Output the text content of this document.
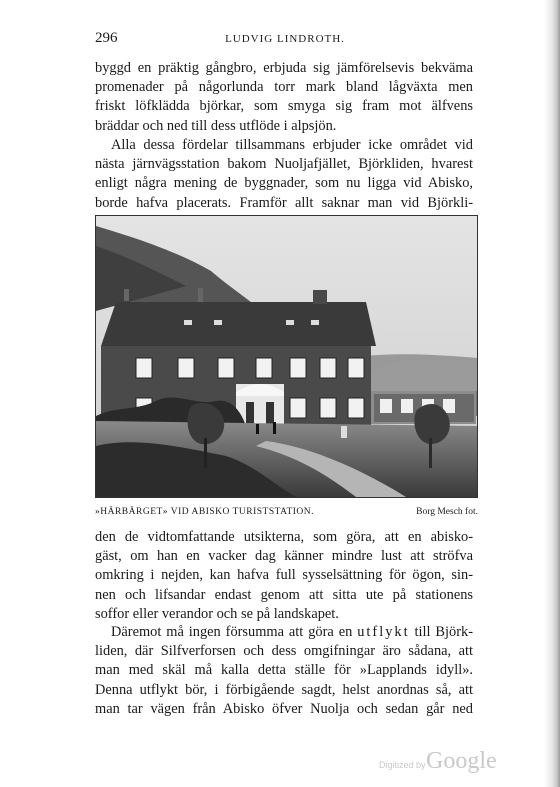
296	LUDVIG LINDROTH.

byggd en präktig gångbro, erbjuda sig jämförelsevis bekväma
promenader på någorlunda torr mark bland lågväxta men
friskt löfklädda björkar, som smyga sig fram mot älfvens
bräddar och ned till dess utflöde i alpsjön.

Alla dessa fördelar tillsammans erbjuder icke området vid
nästa järnvägsstation bakom Nuoljafjället, Björkliden, hvarest
enligt några mening de byggnader, som nu ligga vid Abisko,
borde hafva placerats. Framför allt saknar man vid Björkli-

»HÄRBÄRGET» VID ABISKO TURISTSTATION.	Borg Mesch fot.

den de vidtomfattande utsikterna, som göra, att en abisko-
gäst, om han en vacker dag känner mindre lust att ströfva
omkring i nejden, kan hafva full sysselsättning för ögon, sin-
nen och lifsandar endast genom att sitta ute på stationens
soffor eller verandor och se på landskapet.

Däremot må ingen försumma att göra en utflykt till Björk-
liden, där Silfverforsen och dess omgifningar äro sådana, att
man med skäl må kalla detta ställe för »Lapplands idyll».
Denna utflykt bör, i förbigående sagdt, helst anordnas så, att
man tar vägen från Abisko öfver Nuolja och sedan går ned

Digitized by Google
